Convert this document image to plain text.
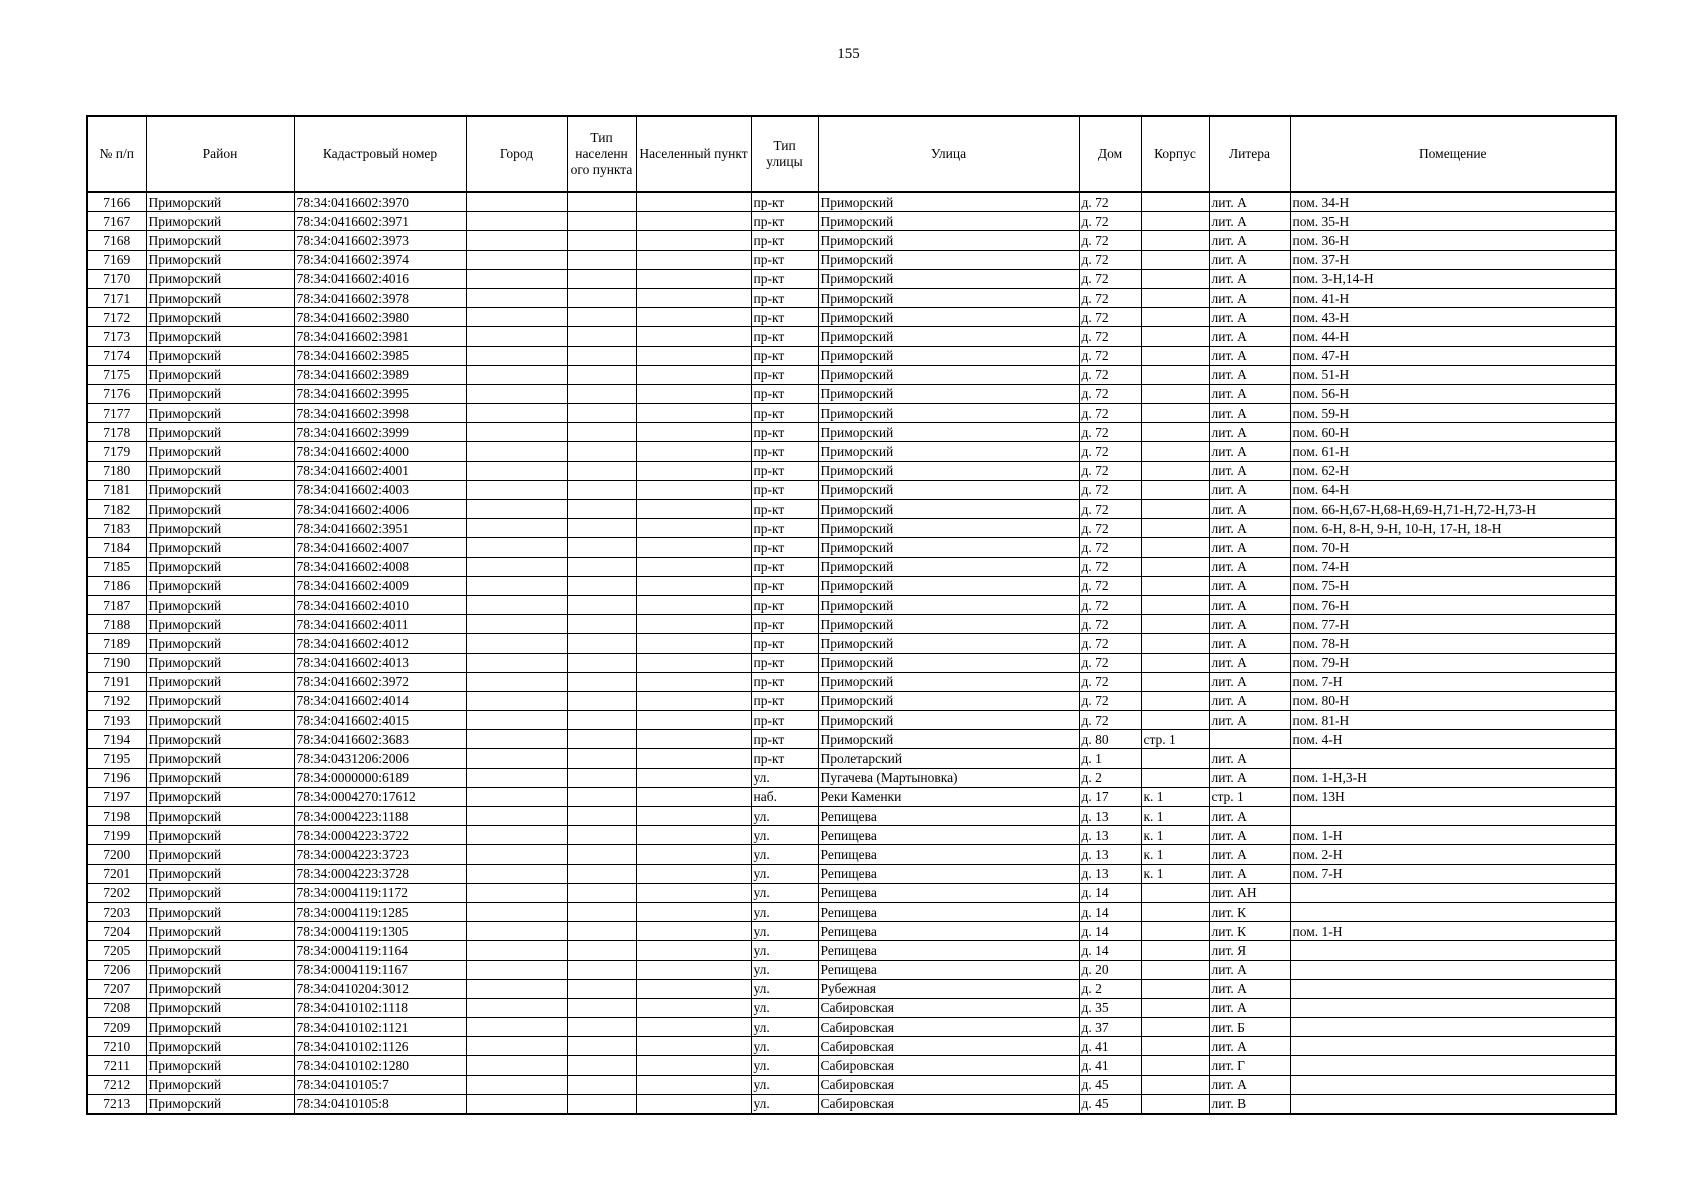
155
№ п/п	Район	Кадастровый номер	Город	Тип населенн ого пункта	Населенный пункт	Тип улицы	Улица	Дом	Корпус	Литера	Помещение
7166	Приморский	78:34:0416602:3970				пр-кт	Приморский	д. 72		лит. А	пом. 34-Н
7167	Приморский	78:34:0416602:3971				пр-кт	Приморский	д. 72		лит. А	пом. 35-Н
7168	Приморский	78:34:0416602:3973				пр-кт	Приморский	д. 72		лит. А	пом. 36-Н
7169	Приморский	78:34:0416602:3974				пр-кт	Приморский	д. 72		лит. А	пом. 37-Н
7170	Приморский	78:34:0416602:4016				пр-кт	Приморский	д. 72		лит. А	пом. 3-Н,14-Н
7171	Приморский	78:34:0416602:3978				пр-кт	Приморский	д. 72		лит. А	пом. 41-Н
7172	Приморский	78:34:0416602:3980				пр-кт	Приморский	д. 72		лит. А	пом. 43-Н
7173	Приморский	78:34:0416602:3981				пр-кт	Приморский	д. 72		лит. А	пом. 44-Н
7174	Приморский	78:34:0416602:3985				пр-кт	Приморский	д. 72		лит. А	пом. 47-Н
7175	Приморский	78:34:0416602:3989				пр-кт	Приморский	д. 72		лит. А	пом. 51-Н
7176	Приморский	78:34:0416602:3995				пр-кт	Приморский	д. 72		лит. А	пом. 56-Н
7177	Приморский	78:34:0416602:3998				пр-кт	Приморский	д. 72		лит. А	пом. 59-Н
7178	Приморский	78:34:0416602:3999				пр-кт	Приморский	д. 72		лит. А	пом. 60-Н
7179	Приморский	78:34:0416602:4000				пр-кт	Приморский	д. 72		лит. А	пом. 61-Н
7180	Приморский	78:34:0416602:4001				пр-кт	Приморский	д. 72		лит. А	пом. 62-Н
7181	Приморский	78:34:0416602:4003				пр-кт	Приморский	д. 72		лит. А	пом. 64-Н
7182	Приморский	78:34:0416602:4006				пр-кт	Приморский	д. 72		лит. А	пом. 66-Н,67-Н,68-Н,69-Н,71-Н,72-Н,73-Н
7183	Приморский	78:34:0416602:3951				пр-кт	Приморский	д. 72		лит. А	пом. 6-Н, 8-Н, 9-Н, 10-Н, 17-Н, 18-Н
7184	Приморский	78:34:0416602:4007				пр-кт	Приморский	д. 72		лит. А	пом. 70-Н
7185	Приморский	78:34:0416602:4008				пр-кт	Приморский	д. 72		лит. А	пом. 74-Н
7186	Приморский	78:34:0416602:4009				пр-кт	Приморский	д. 72		лит. А	пом. 75-Н
7187	Приморский	78:34:0416602:4010				пр-кт	Приморский	д. 72		лит. А	пом. 76-Н
7188	Приморский	78:34:0416602:4011				пр-кт	Приморский	д. 72		лит. А	пом. 77-Н
7189	Приморский	78:34:0416602:4012				пр-кт	Приморский	д. 72		лит. А	пом. 78-Н
7190	Приморский	78:34:0416602:4013				пр-кт	Приморский	д. 72		лит. А	пом. 79-Н
7191	Приморский	78:34:0416602:3972				пр-кт	Приморский	д. 72		лит. А	пом. 7-Н
7192	Приморский	78:34:0416602:4014				пр-кт	Приморский	д. 72		лит. А	пом. 80-Н
7193	Приморский	78:34:0416602:4015				пр-кт	Приморский	д. 72		лит. А	пом. 81-Н
7194	Приморский	78:34:0416602:3683				пр-кт	Приморский	д. 80	стр. 1		пом. 4-Н
7195	Приморский	78:34:0431206:2006				пр-кт	Пролетарский	д. 1		лит. А	
7196	Приморский	78:34:0000000:6189				ул.	Пугачева (Мартыновка)	д. 2		лит. А	пом. 1-Н,3-Н
7197	Приморский	78:34:0004270:17612				наб.	Реки Каменки	д. 17	к. 1	стр. 1	пом. 13Н
7198	Приморский	78:34:0004223:1188				ул.	Репищева	д. 13	к. 1	лит. А	
7199	Приморский	78:34:0004223:3722				ул.	Репищева	д. 13	к. 1	лит. А	пом. 1-Н
7200	Приморский	78:34:0004223:3723				ул.	Репищева	д. 13	к. 1	лит. А	пом. 2-Н
7201	Приморский	78:34:0004223:3728				ул.	Репищева	д. 13	к. 1	лит. А	пом. 7-Н
7202	Приморский	78:34:0004119:1172				ул.	Репищева	д. 14		лит. АН	
7203	Приморский	78:34:0004119:1285				ул.	Репищева	д. 14		лит. К	
7204	Приморский	78:34:0004119:1305				ул.	Репищева	д. 14		лит. К	пом. 1-Н
7205	Приморский	78:34:0004119:1164				ул.	Репищева	д. 14		лит. Я	
7206	Приморский	78:34:0004119:1167				ул.	Репищева	д. 20		лит. А	
7207	Приморский	78:34:0410204:3012				ул.	Рубежная	д. 2		лит. А	
7208	Приморский	78:34:0410102:1118				ул.	Сабировская	д. 35		лит. А	
7209	Приморский	78:34:0410102:1121				ул.	Сабировская	д. 37		лит. Б	
7210	Приморский	78:34:0410102:1126				ул.	Сабировская	д. 41		лит. А	
7211	Приморский	78:34:0410102:1280				ул.	Сабировская	д. 41		лит. Г	
7212	Приморский	78:34:0410105:7				ул.	Сабировская	д. 45		лит. А	
7213	Приморский	78:34:0410105:8				ул.	Сабировская	д. 45		лит. В	
